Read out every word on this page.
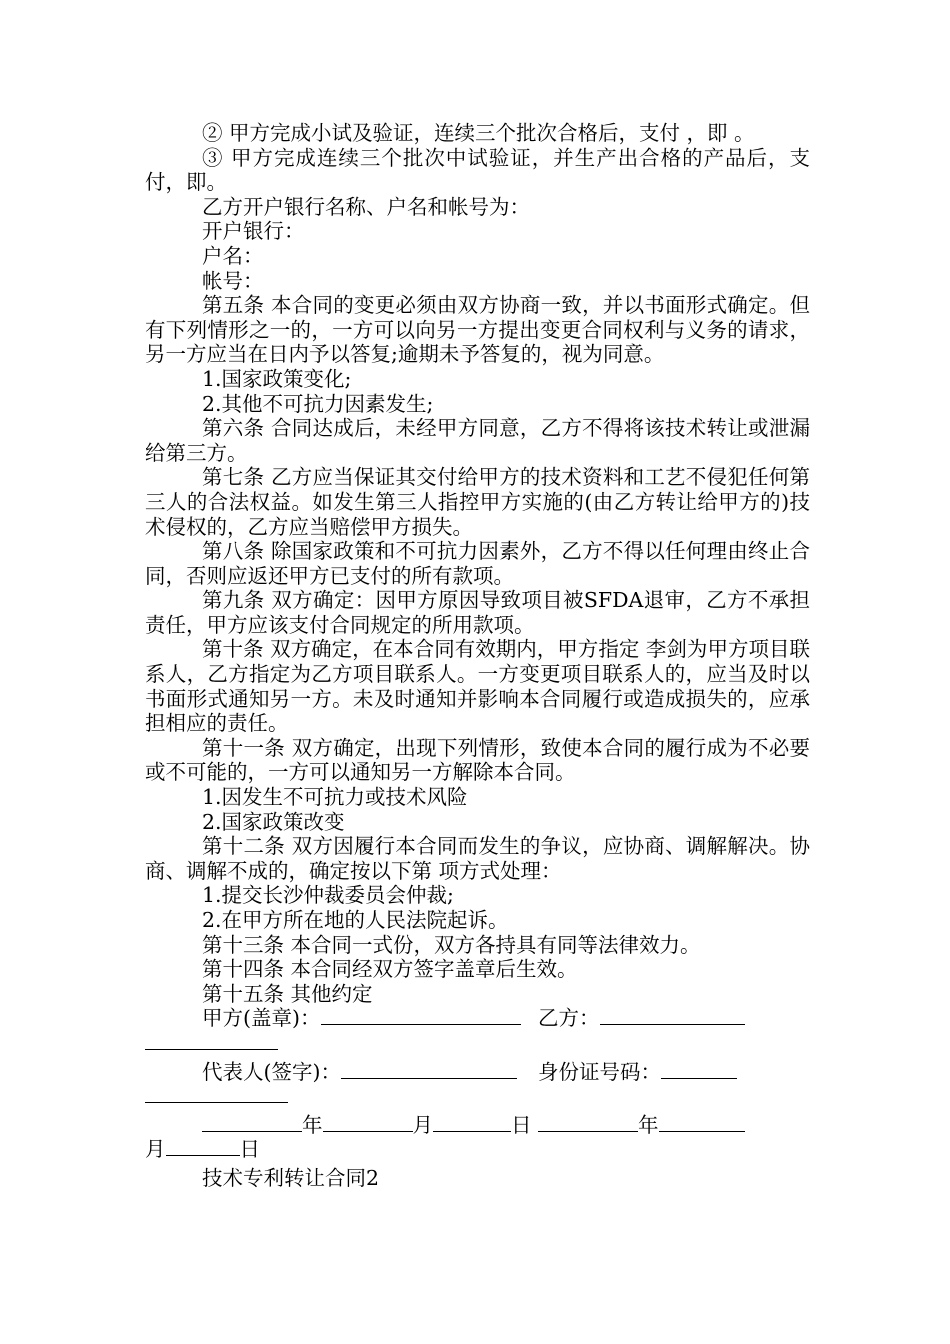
② 甲方完成小试及验证，连续三个批次合格后，支付 ，即 。

③ 甲方完成连续三个批次中试验证，并生产出合格的产品后，支付，即。

乙方开户银行名称、户名和帐号为：

开户银行：

户名：

帐号：

第五条 本合同的变更必须由双方协商一致，并以书面形式确定。但有下列情形之一的，一方可以向另一方提出变更合同权利与义务的请求，另一方应当在日内予以答复;逾期未予答复的，视为同意。

1.国家政策变化;

2.其他不可抗力因素发生;

第六条 合同达成后，未经甲方同意，乙方不得将该技术转让或泄漏给第三方。

第七条 乙方应当保证其交付给甲方的技术资料和工艺不侵犯任何第三人的合法权益。如发生第三人指控甲方实施的(由乙方转让给甲方的)技术侵权的，乙方应当赔偿甲方损失。

第八条 除国家政策和不可抗力因素外，乙方不得以任何理由终止合同，否则应返还甲方已支付的所有款项。

第九条 双方确定：因甲方原因导致项目被SFDA退审，乙方不承担责任，甲方应该支付合同规定的所用款项。

第十条 双方确定，在本合同有效期内，甲方指定 李剑为甲方项目联系人，乙方指定为乙方项目联系人。一方变更项目联系人的，应当及时以书面形式通知另一方。未及时通知并影响本合同履行或造成损失的，应承担相应的责任。

第十一条 双方确定，出现下列情形，致使本合同的履行成为不必要或不可能的，一方可以通知另一方解除本合同。

1.因发生不可抗力或技术风险

2.国家政策改变

第十二条 双方因履行本合同而发生的争议，应协商、调解解决。协商、调解不成的，确定按以下第 项方式处理：

1.提交长沙仲裁委员会仲裁;

2.在甲方所在地的人民法院起诉。

第十三条 本合同一式份，双方各持具有同等法律效力。

第十四条 本合同经双方签字盖章后生效。

第十五条 其他约定

甲方(盖章)：	乙方：

代表人(签字)：	身份证号码：

年	月	日	年

月	日

技术专利转让合同2
